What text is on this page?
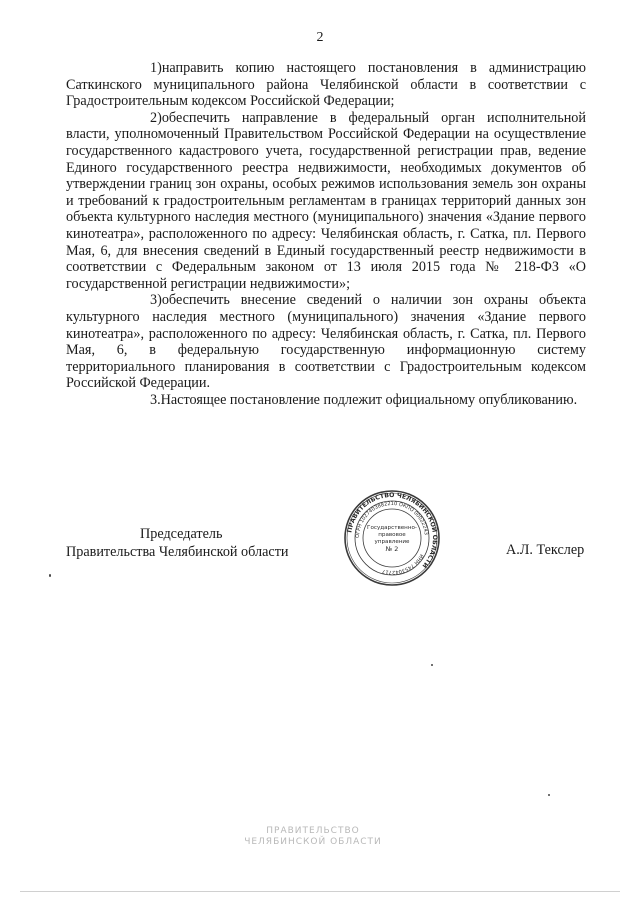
2

1)направить копию настоящего постановления в администрацию Саткинского муниципального района Челябинской области в соответствии с Градостроительным кодексом Российской Федерации;

2)обеспечить направление в федеральный орган исполнительной власти, уполномоченный Правительством Российской Федерации на осуществление государственного кадастрового учета, государственной регистрации прав, ведение Единого государственного реестра недвижимости, необходимых документов об утверждении границ зон охраны, особых режимов использования земель зон охраны и требований к градостроительным регламентам в границах территорий данных зон объекта культурного наследия местного (муниципального) значения «Здание первого кинотеатра», расположенного по адресу: Челябинская область, г. Сатка, пл. Первого Мая, 6, для внесения сведений в Единый государственный реестр недвижимости в соответствии с Федеральным законом от 13 июля 2015 года № 218-ФЗ «О государственной регистрации недвижимости»;

3)обеспечить внесение сведений о наличии зон охраны объекта культурного наследия местного (муниципального) значения «Здание первого кинотеатра», расположенного по адресу: Челябинская область, г. Сатка, пл. Первого Мая, 6, в федеральную государственную информационную систему территориального планирования в соответствии с Градостроительным кодексом Российской Федерации.

3.Настоящее постановление подлежит официальному опубликованию.

Председатель
Правительства Челябинской области
ПРАВИТЕЛЬСТВО ЧЕЛЯБИНСКОЙ ОБЛАСТИ
ОГРН 1027403882210 ОКПО 00022243
ИНН 7453042717
Государственно-
правовое
управление
№ 2	А.Л. Текслер
ПРАВИТЕЛЬСТВО
ЧЕЛЯБИНСКОЙ ОБЛАСТИ
